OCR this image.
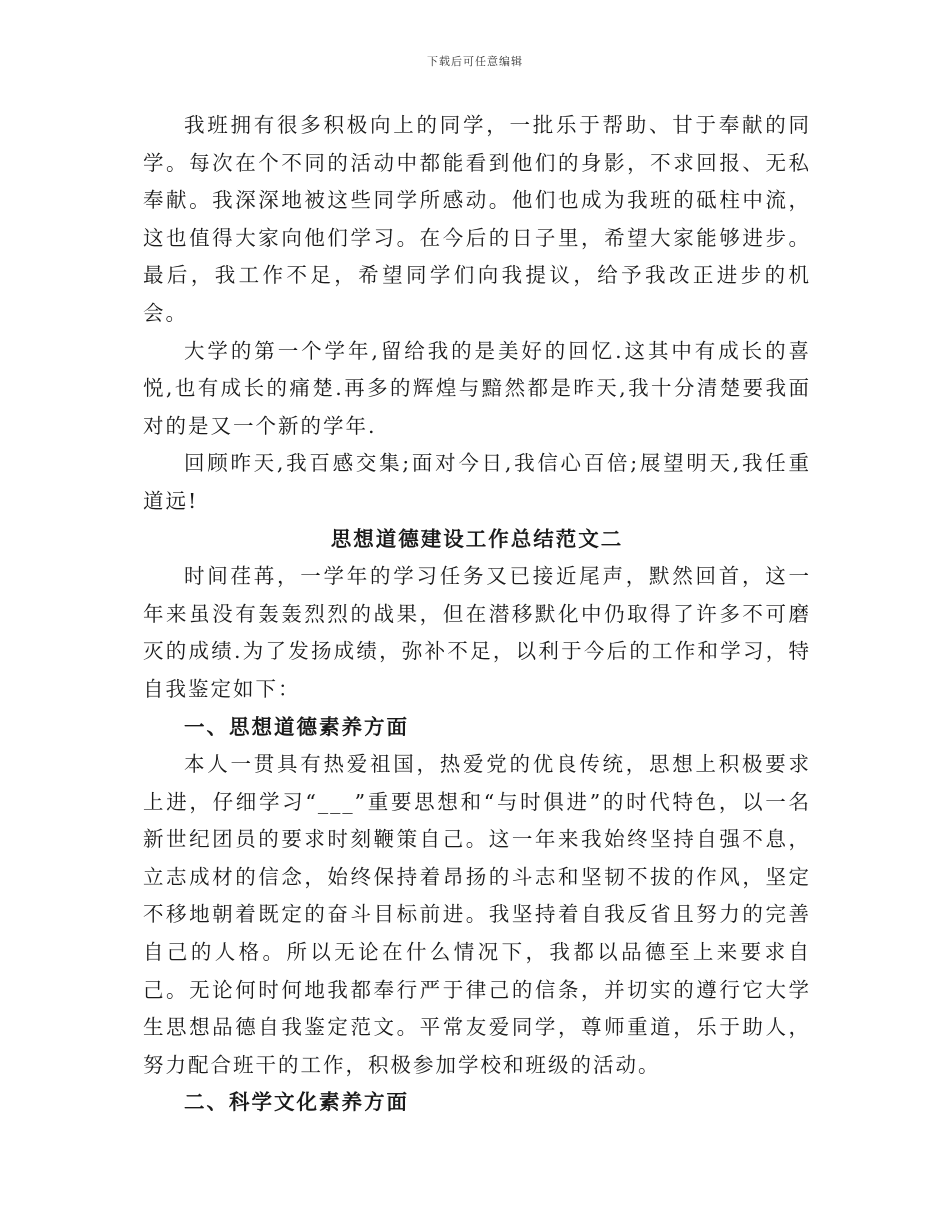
下载后可任意编辑

我班拥有很多积极向上的同学，一批乐于帮助、甘于奉献的同学。每次在个不同的活动中都能看到他们的身影，不求回报、无私奉献。我深深地被这些同学所感动。他们也成为我班的砥柱中流，这也值得大家向他们学习。在今后的日子里，希望大家能够进步。最后，我工作不足，希望同学们向我提议，给予我改正进步的机会。

大学的第一个学年,留给我的是美好的回忆.这其中有成长的喜悦,也有成长的痛楚.再多的辉煌与黯然都是昨天,我十分清楚要我面对的是又一个新的学年.

回顾昨天,我百感交集;面对今日,我信心百倍;展望明天,我任重道远!

思想道德建设工作总结范文二

时间荏苒，一学年的学习任务又已接近尾声，默然回首，这一年来虽没有轰轰烈烈的战果，但在潜移默化中仍取得了许多不可磨灭的成绩.为了发扬成绩，弥补不足，以利于今后的工作和学习，特自我鉴定如下：

一、思想道德素养方面

本人一贯具有热爱祖国，热爱党的优良传统，思想上积极要求上进，仔细学习“___”重要思想和“与时俱进”的时代特色，以一名新世纪团员的要求时刻鞭策自己。这一年来我始终坚持自强不息，立志成材的信念，始终保持着昂扬的斗志和坚韧不拔的作风，坚定不移地朝着既定的奋斗目标前进。我坚持着自我反省且努力的完善自己的人格。所以无论在什么情况下，我都以品德至上来要求自己。无论何时何地我都奉行严于律己的信条，并切实的遵行它大学生思想品德自我鉴定范文。平常友爱同学，尊师重道，乐于助人，努力配合班干的工作，积极参加学校和班级的活动。

二、科学文化素养方面
